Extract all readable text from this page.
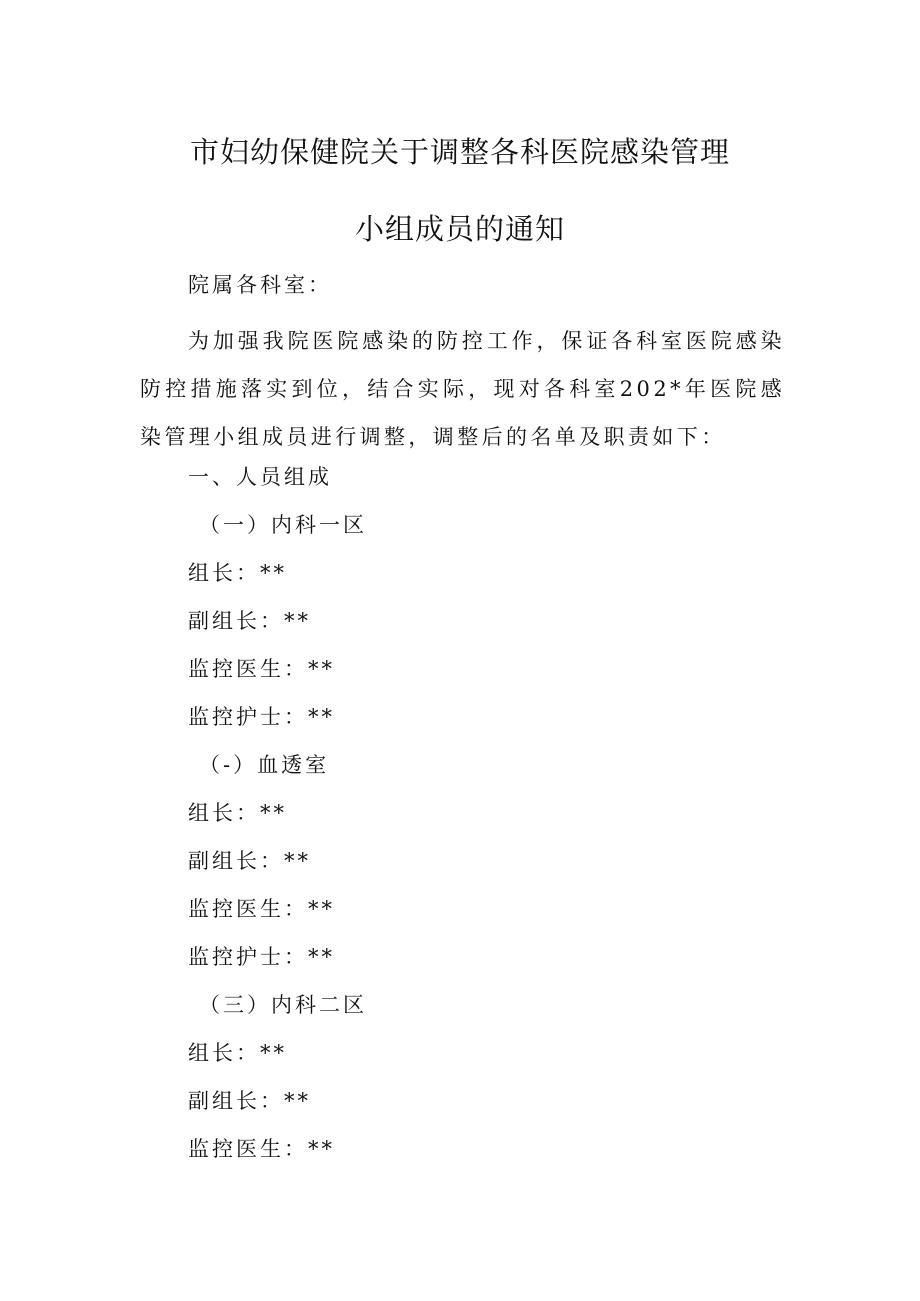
市妇幼保健院关于调整各科医院感染管理
小组成员的通知
院属各科室：
为加强我院医院感染的防控工作，保证各科室医院感染防控措施落实到位，结合实际，现对各科室202*年医院感染管理小组成员进行调整，调整后的名单及职责如下：
一、人员组成
（一）内科一区
组长：**
副组长：**
监控医生：**
监控护士：**
（-）血透室
组长：**
副组长：**
监控医生：**
监控护士：**
（三）内科二区
组长：**
副组长：**
监控医生：**
